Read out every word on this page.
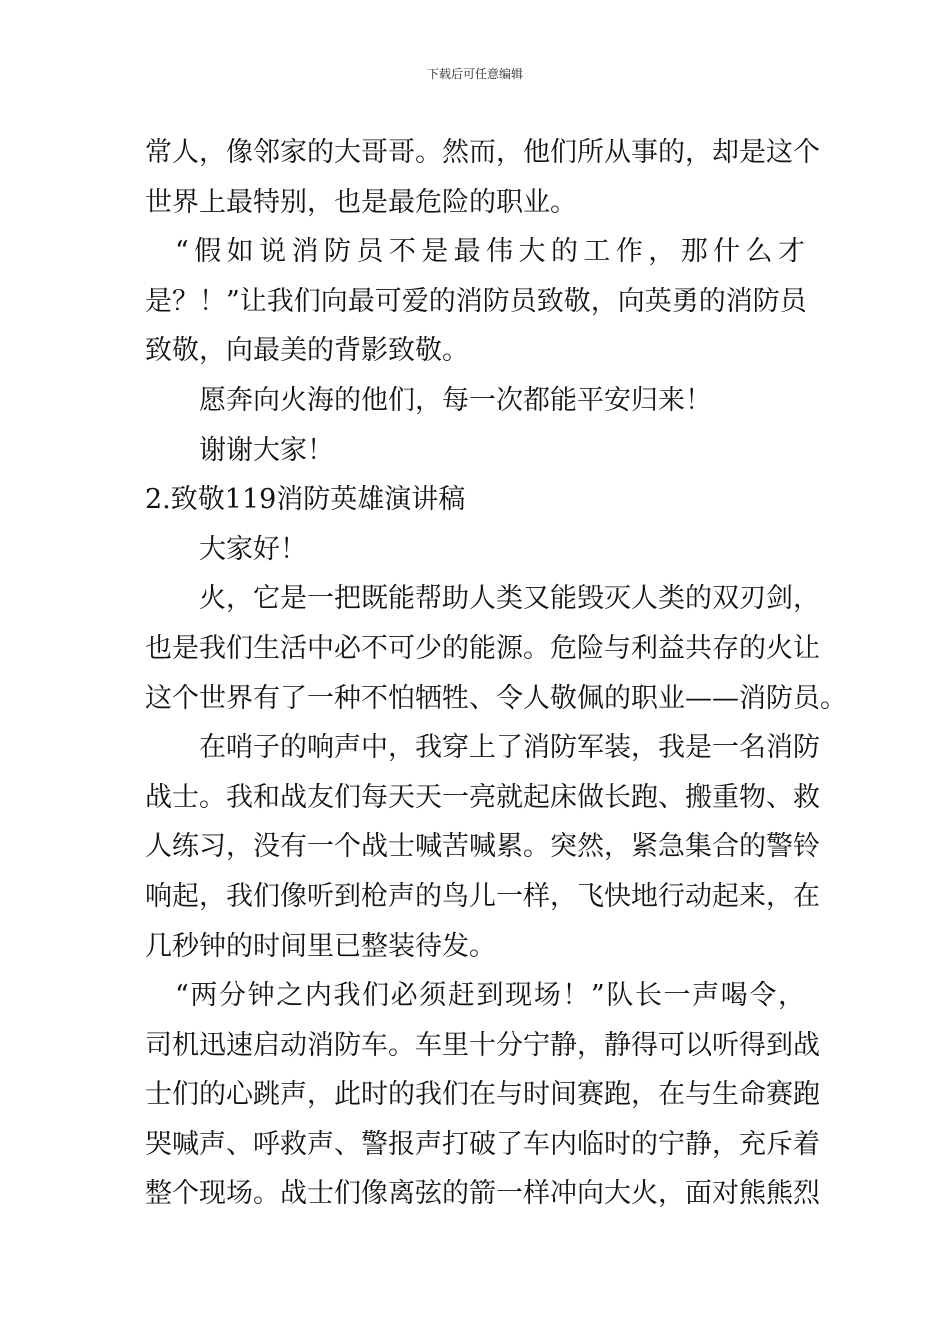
下载后可任意编辑
常人，像邻家的大哥哥。然而，他们所从事的，却是这个
世界上最特别，也是最危险的职业。
“假如说消防员不是最伟大的工作，那什么才
是？！”让我们向最可爱的消防员致敬，向英勇的消防员
致敬，向最美的背影致敬。
愿奔向火海的他们，每一次都能平安归来！
谢谢大家！
2.致敬119消防英雄演讲稿
大家好！
火，它是一把既能帮助人类又能毁灭人类的双刃剑，
也是我们生活中必不可少的能源。危险与利益共存的火让
这个世界有了一种不怕牺牲、令人敬佩的职业——消防员。
在哨子的响声中，我穿上了消防军装，我是一名消防
战士。我和战友们每天天一亮就起床做长跑、搬重物、救
人练习，没有一个战士喊苦喊累。突然，紧急集合的警铃
响起，我们像听到枪声的鸟儿一样，飞快地行动起来，在
几秒钟的时间里已整装待发。
“两分钟之内我们必须赶到现场！”队长一声喝令，
司机迅速启动消防车。车里十分宁静，静得可以听得到战
士们的心跳声，此时的我们在与时间赛跑，在与生命赛跑
哭喊声、呼救声、警报声打破了车内临时的宁静，充斥着
整个现场。战士们像离弦的箭一样冲向大火，面对熊熊烈
